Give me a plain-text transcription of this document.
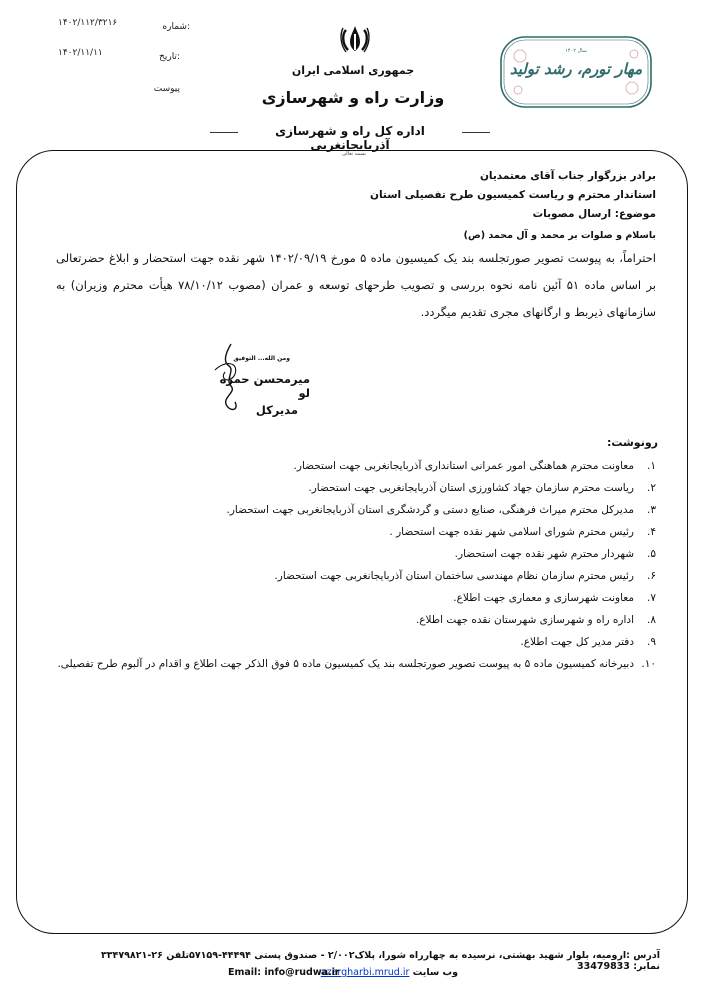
شماره:
۱۴۰۲/۱۱۲/۳۲۱۶
تاریخ:
۱۴۰۲/۱۱/۱۱
پیوست
جمهوری اسلامی ایران
وزارت راه و شهرسازی
اداره کل راه و شهرسازی آذربایجانغربی
بسمه تعالی
سال ۱۴۰۲
مهار تورم، رشد تولید
برادر بزرگوار جناب آقای معتمدیان
استاندار محترم و ریاست کمیسیون طرح تفصیلی استان
موضوع: ارسال مصوبات
باسلام و صلوات بر محمد و آل محمد (ص)
احتراماً، به پیوست تصویر صورتجلسه بند یک کمیسیون ماده ۵ مورخ ۱۴۰۲/۰۹/۱۹ شهر نقده جهت استحضار و ابلاغ حضرتعالی بر اساس ماده ۵۱ آئین نامه نحوه بررسی و تصویب طرحهای توسعه و عمران (مصوب ۷۸/۱۰/۱۲ هیأت محترم وزیران) به سازمانهای ذیربط و ارگانهای مجری تقدیم میگردد.
ومن الله... التوفیق
میرمحسن حمزه لو
مدیرکل
رونوشت:
۱.
معاونت محترم هماهنگی امور عمرانی استانداری آذربایجانغربی جهت استحضار.
۲.
ریاست محترم سازمان جهاد کشاورزی استان آذربایجانغربی جهت استحضار.
۳.
مدیرکل محترم میراث فرهنگی، صنایع دستی و گردشگری استان آذربایجانغربی جهت استحضار.
۴.
رئیس محترم شورای اسلامی شهر نقده جهت استحضار .
۵.
شهردار محترم شهر نقده جهت استحضار.
۶.
رئیس محترم سازمان نظام مهندسی ساختمان استان آذربایجانغربی جهت استحضار.
۷.
معاونت شهرسازی و معماری جهت اطلاع.
۸.
اداره راه و شهرسازی شهرستان نقده جهت اطلاع.
۹.
دفتر مدیر کل جهت اطلاع.
۱۰.
دبیرخانه کمیسیون ماده ۵ به پیوست تصویر صورتجلسه بند یک کمیسیون ماده ۵ فوق الذکر جهت اطلاع و اقدام در آلبوم طرح تفصیلی.
آدرس :ارومیه، بلوار شهید بهشتی، نرسیده به چهارراه شورا، پلاک۲/۰۰۲ - صندوق پستی ۴۴۴۹۴-۵۷۱۵۹تلفن ۲۶-۳۳۴۷۹۸۲۱ نمابر: 33479833
وب سایت azargharbi.mrud.ir
Email: info@rudwa.ir
